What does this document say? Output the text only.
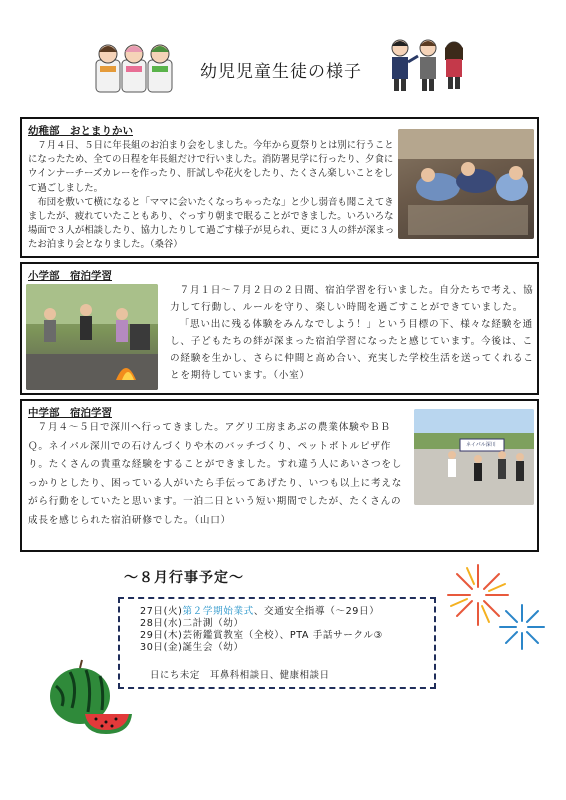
幼児児童生徒の様子
幼稚部　おとまりかい

７月４日、５日に年長組のお泊まり会をしました。今年から夏祭りとは別に行うことになったため、全ての日程を年長組だけで行いました。消防署見学に行ったり、夕食にウインナーチーズカレーを作ったり、肝試しや花火をしたり、たくさん楽しいことをして過ごしました。

布団を敷いて横になると「ママに会いたくなっちゃったな」と少し弱音も聞こえてきましたが、疲れていたこともあり、ぐっすり朝まで眠ることができました。いろいろな場面で３人が相談したり、協力したりして過ごす様子が見られ、更に３人の絆が深まったお泊まり会となりました。（桑谷）

小学部　宿泊学習

７月１日～７月２日の２日間、宿泊学習を行いました。自分たちで考え、協力して行動し、ルールを守り、楽しい時間を過ごすことができていました。

「思い出に残る体験をみんなでしよう！」という目標の下、様々な経験を通し、子どもたちの絆が深まった宿泊学習になったと感じています。今後は、この経験を生かし、さらに仲間と高め合い、充実した学校生活を送ってくれることを期待しています。（小室）

中学部　宿泊学習

７月４～５日で深川へ行ってきました。アグリ工房まあぶの農業体験やＢＢＱ。ネイパル深川での石けんづくりや木のバッチづくり、ペットボトルピザ作り。たくさんの貴重な経験をすることができました。すれ違う人にあいさつをしっかりとしたり、困っている人がいたら手伝ってあげたり、いつも以上に考えながら行動をしていたと思います。一泊二日という短い期間でしたが、たくさんの成長を感じられた宿泊研修でした。（山口）

ネイパル深川
～８月行事予定～
27日(火)第２学期始業式、交通安全指導（～29日）
28日(水)二計測（幼）
29日(木)芸術鑑賞教室（全校）、PTA 手話サークル③
30日(金)誕生会（幼）
日にち未定　耳鼻科相談日、健康相談日
